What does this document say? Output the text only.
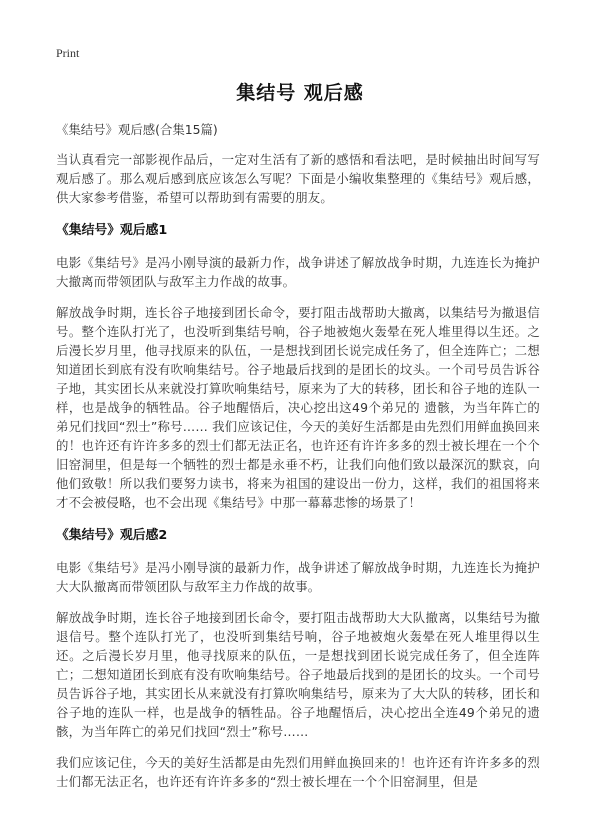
Print
集结号 观后感

《集结号》观后感(合集15篇)

当认真看完一部影视作品后，一定对生活有了新的感悟和看法吧，是时候抽出时间写写观后感了。那么观后感到底应该怎么写呢？下面是小编收集整理的《集结号》观后感，供大家参考借鉴，希望可以帮助到有需要的朋友。

《集结号》观后感1

电影《集结号》是冯小刚导演的最新力作，战争讲述了解放战争时期，九连连长为掩护大撤离而带领团队与敌军主力作战的故事。

解放战争时期，连长谷子地接到团长命令，要打阻击战帮助大撤离，以集结号为撤退信号。整个连队打光了，也没听到集结号响，谷子地被炮火轰晕在死人堆里得以生还。之后漫长岁月里，他寻找原来的队伍，一是想找到团长说完成任务了，但全连阵亡；二想知道团长到底有没有吹响集结号。谷子地最后找到的是团长的坟头。一个司号员告诉谷子地，其实团长从来就没打算吹响集结号，原来为了大的转移，团长和谷子地的连队一样，也是战争的牺牲品。谷子地醒悟后，决心挖出这49个弟兄的 遗骸，为当年阵亡的弟兄们找回“烈士”称号…… 我们应该记住，今天的美好生活都是由先烈们用鲜血换回来的！也许还有许许多多的烈士们都无法正名，也许还有许许多多的烈士被长埋在一个个旧窑洞里，但是每一个牺牲的烈士都是永垂不朽，让我们向他们致以最深沉的默哀，向他们致敬！所以我们要努力读书，将来为祖国的建设出一份力，这样，我们的祖国将来才不会被侵略，也不会出现《集结号》中那一幕幕悲惨的场景了！

《集结号》观后感2

电影《集结号》是冯小刚导演的最新力作，战争讲述了解放战争时期，九连连长为掩护大大队撤离而带领团队与敌军主力作战的故事。

解放战争时期，连长谷子地接到团长命令，要打阻击战帮助大大队撤离，以集结号为撤退信号。整个连队打光了，也没听到集结号响，谷子地被炮火轰晕在死人堆里得以生还。之后漫长岁月里，他寻找原来的队伍，一是想找到团长说完成任务了，但全连阵亡；二想知道团长到底有没有吹响集结号。谷子地最后找到的是团长的坟头。一个司号员告诉谷子地，其实团长从来就没有打算吹响集结号，原来为了大大队的转移，团长和谷子地的连队一样，也是战争的牺牲品。谷子地醒悟后，决心挖出全连49个弟兄的遗骸，为当年阵亡的弟兄们找回“烈士”称号……

我们应该记住，今天的美好生活都是由先烈们用鲜血换回来的！也许还有许许多多的烈士们都无法正名，也许还有许许多多的“烈士被长埋在一个个旧窑洞里，但是
